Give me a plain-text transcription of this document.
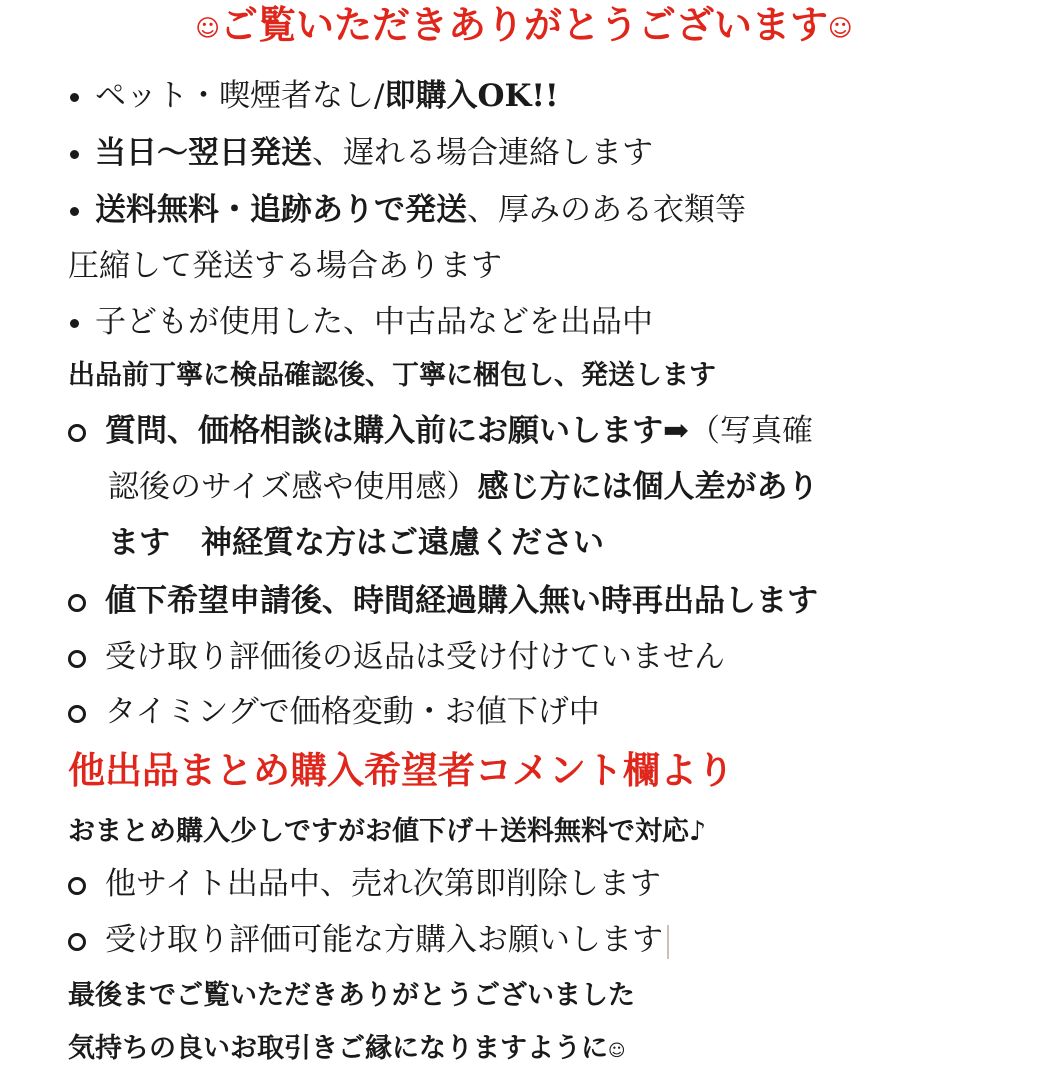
☺ご覧いただきありがとうございます☺
ペット・喫煙者なし/即購入OK!!
当日〜翌日発送、遅れる場合連絡します
送料無料・追跡ありで発送、厚みのある衣類等
圧縮して発送する場合あります
子どもが使用した、中古品などを出品中
出品前丁寧に検品確認後、丁寧に梱包し、発送します
質問、価格相談は購入前にお願いします➡（写真確
認後のサイズ感や使用感）感じ方には個人差があり
ます　神経質な方はご遠慮ください
値下希望申請後、時間経過購入無い時再出品します
受け取り評価後の返品は受け付けていません
タイミングで価格変動・お値下げ中
他出品まとめ購入希望者コメント欄より
おまとめ購入少しですがお値下げ＋送料無料で対応♪
他サイト出品中、売れ次第即削除します
受け取り評価可能な方購入お願いします
最後までご覧いただきありがとうございました
気持ちの良いお取引きご縁になりますように☺
